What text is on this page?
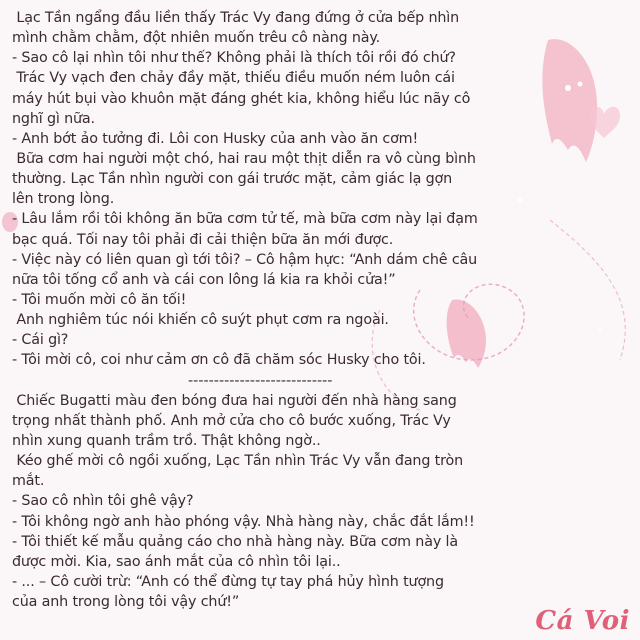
Lạc Tần ngẩng đầu liền thấy Trác Vy đang đứng ở cửa bếp nhìn
mình chằm chằm, đột nhiên muốn trêu cô nàng này.
- Sao cô lại nhìn tôi như thế? Không phải là thích tôi rồi đó chứ?
Trác Vy vạch đen chảy đầy mặt, thiếu điều muốn ném luôn cái
máy hút bụi vào khuôn mặt đáng ghét kia, không hiểu lúc nãy cô
nghĩ gì nữa.
- Anh bớt ảo tưởng đi. Lôi con Husky của anh vào ăn cơm!
Bữa cơm hai người một chó, hai rau một thịt diễn ra vô cùng bình
thường. Lạc Tần nhìn người con gái trước mặt, cảm giác lạ gợn
lên trong lòng.
- Lâu lắm rồi tôi không ăn bữa cơm tử tế, mà bữa cơm này lại đạm
bạc quá. Tối nay tôi phải đi cải thiện bữa ăn mới được.
- Việc này có liên quan gì tới tôi? – Cô hậm hực: “Anh dám chê câu
nữa tôi tống cổ anh và cái con lông lá kia ra khỏi cửa!”
- Tôi muốn mời cô ăn tối!
Anh nghiêm túc nói khiến cô suýt phụt cơm ra ngoài.
- Cái gì?
- Tôi mời cô, coi như cảm ơn cô đã chăm sóc Husky cho tôi.
----------------------------
Chiếc Bugatti màu đen bóng đưa hai người đến nhà hàng sang
trọng nhất thành phố. Anh mở cửa cho cô bước xuống, Trác Vy
nhìn xung quanh trầm trồ. Thật không ngờ..
Kéo ghế mời cô ngồi xuống, Lạc Tần nhìn Trác Vy vẫn đang tròn
mắt.
- Sao cô nhìn tôi ghê vậy?
- Tôi không ngờ anh hào phóng vậy. Nhà hàng này, chắc đắt lắm!!
- Tôi thiết kế mẫu quảng cáo cho nhà hàng này. Bữa cơm này là
được mời. Kia, sao ánh mắt của cô nhìn tôi lại..
- ... – Cô cười trừ: “Anh có thể đừng tự tay phá hủy hình tượng
của anh trong lòng tôi vậy chứ!”
Cá Voi
